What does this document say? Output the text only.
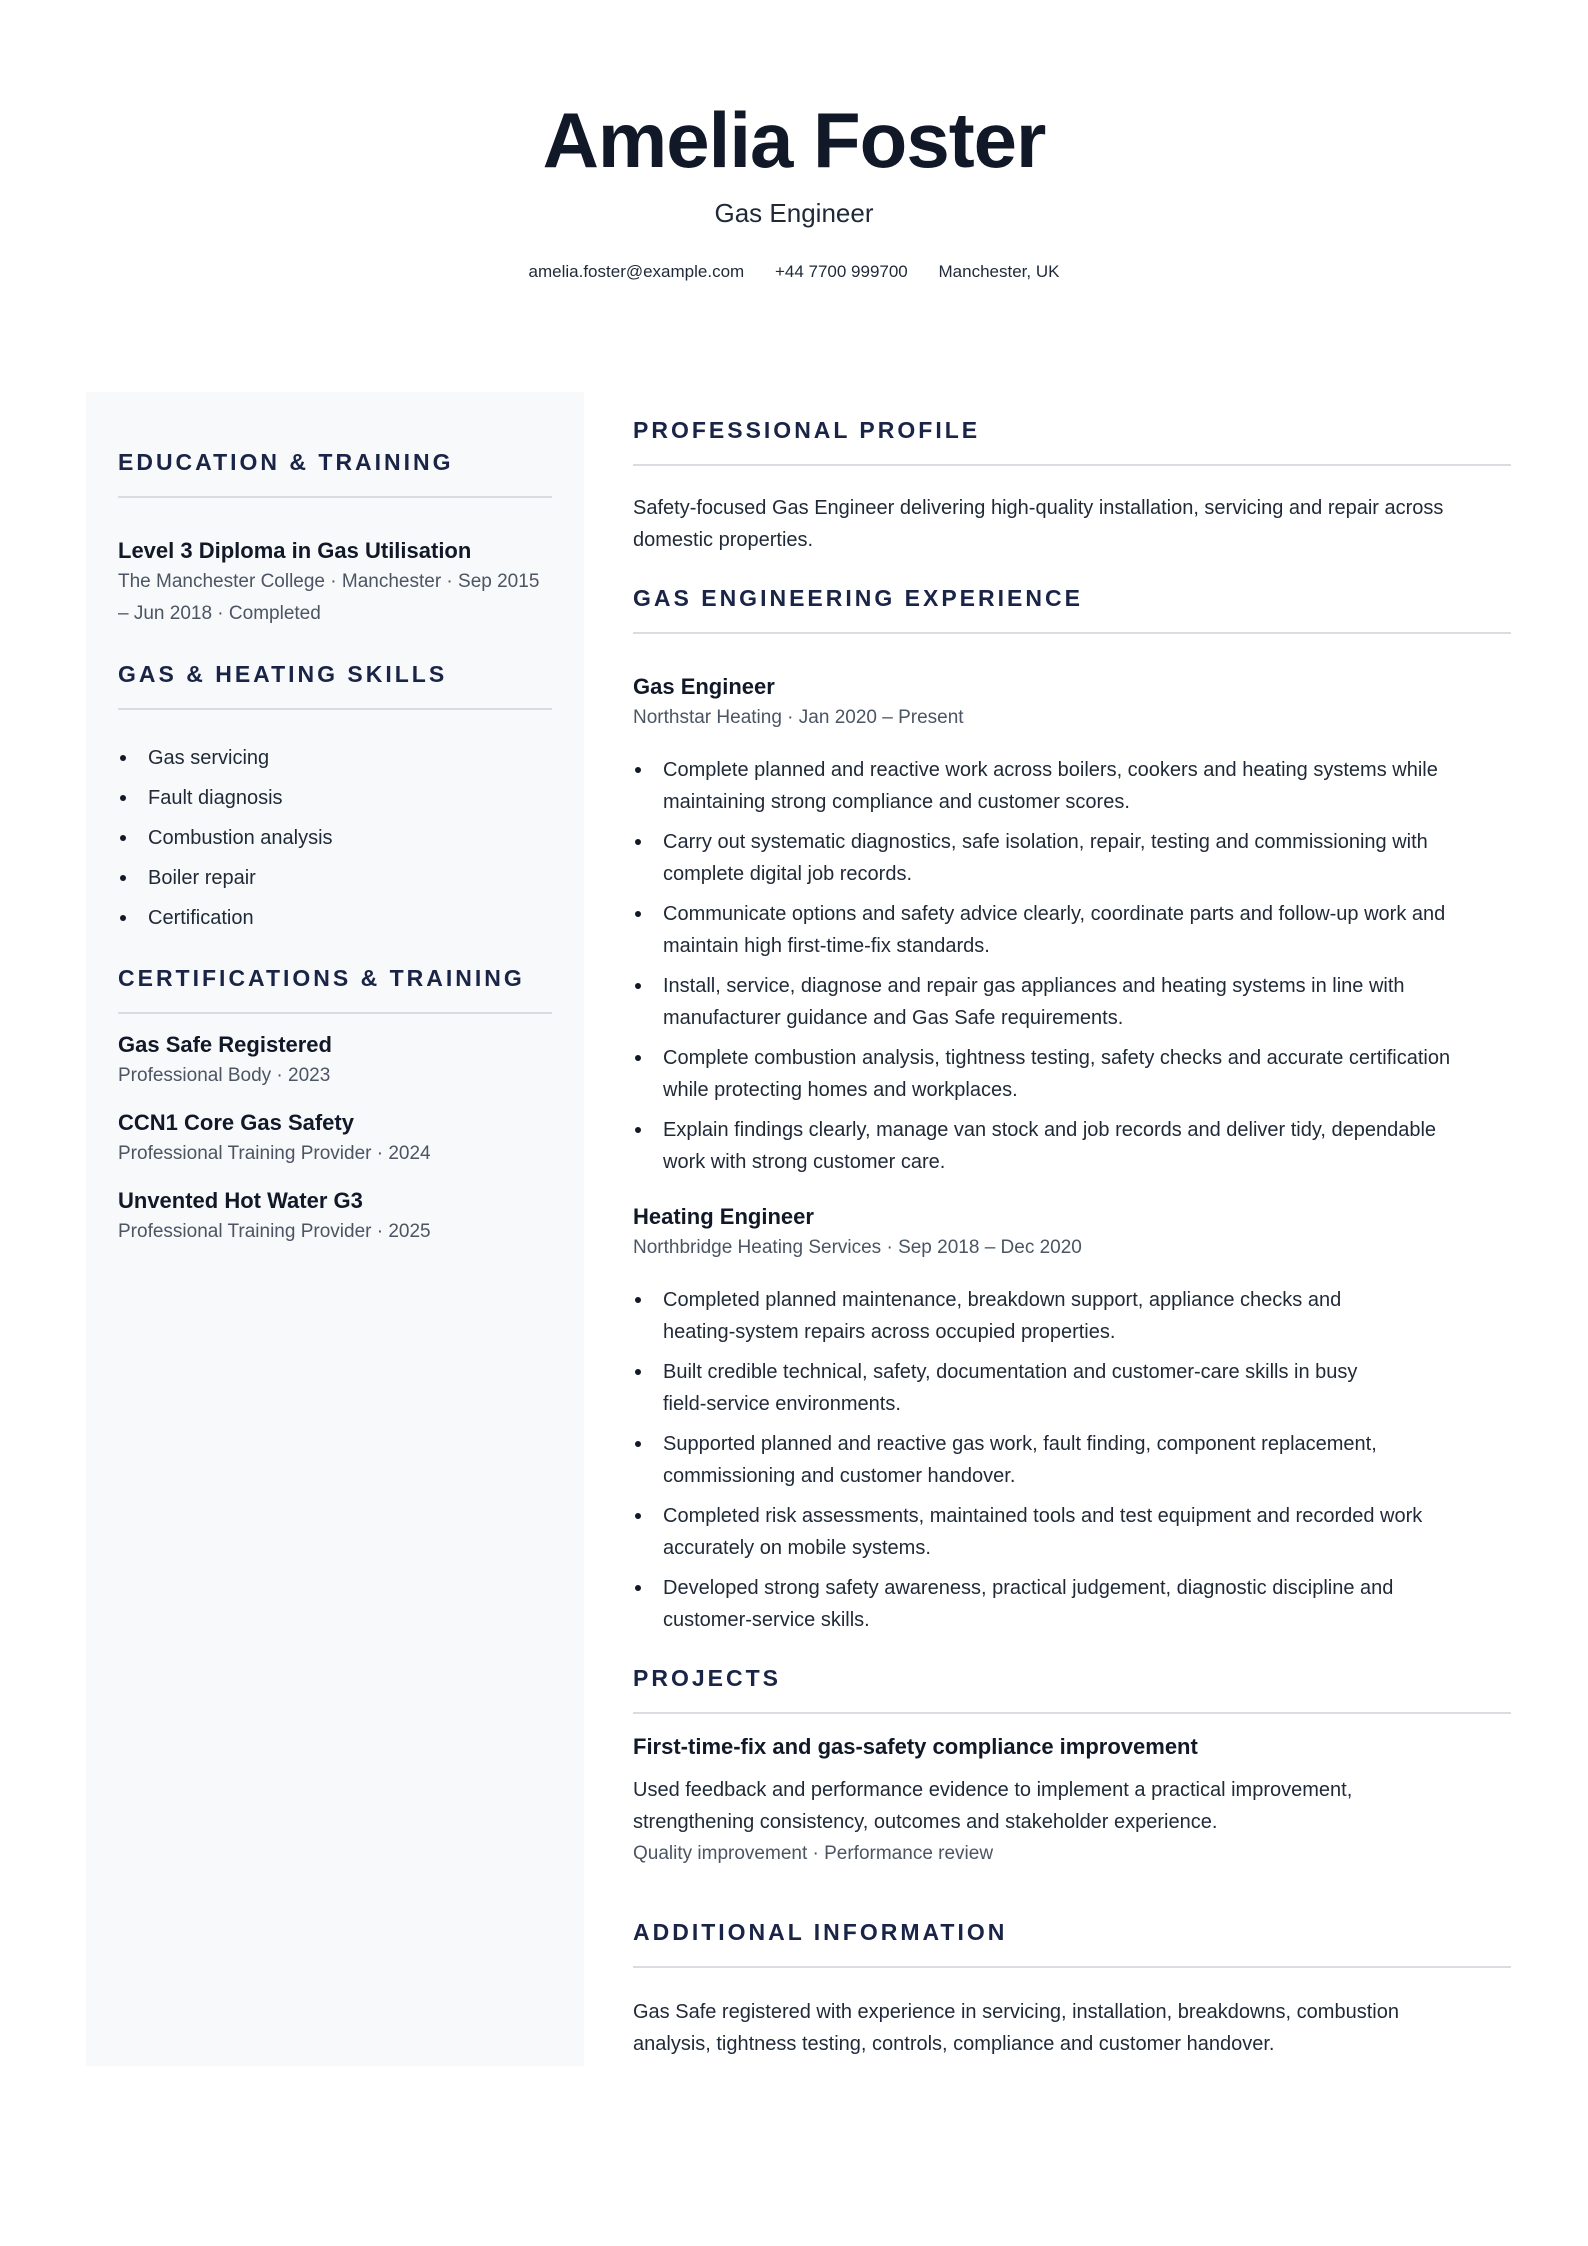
Amelia Foster
Gas Engineer
amelia.foster@example.com +44 7700 999700 Manchester, UK
EDUCATION & TRAINING
Level 3 Diploma in Gas Utilisation
The Manchester College · Manchester · Sep 2015
– Jun 2018 · Completed
GAS & HEATING SKILLS
Gas servicing
Fault diagnosis
Combustion analysis
Boiler repair
Certification
CERTIFICATIONS & TRAINING
Gas Safe Registered
Professional Body · 2023
CCN1 Core Gas Safety
Professional Training Provider · 2024
Unvented Hot Water G3
Professional Training Provider · 2025
PROFESSIONAL PROFILE
Safety-focused Gas Engineer delivering high-quality installation, servicing and repair across
domestic properties.
GAS ENGINEERING EXPERIENCE
Gas Engineer
Northstar Heating · Jan 2020 – Present
Complete planned and reactive work across boilers, cookers and heating systems while
maintaining strong compliance and customer scores.
Carry out systematic diagnostics, safe isolation, repair, testing and commissioning with
complete digital job records.
Communicate options and safety advice clearly, coordinate parts and follow-up work and
maintain high first-time-fix standards.
Install, service, diagnose and repair gas appliances and heating systems in line with
manufacturer guidance and Gas Safe requirements.
Complete combustion analysis, tightness testing, safety checks and accurate certification
while protecting homes and workplaces.
Explain findings clearly, manage van stock and job records and deliver tidy, dependable
work with strong customer care.
Heating Engineer
Northbridge Heating Services · Sep 2018 – Dec 2020
Completed planned maintenance, breakdown support, appliance checks and
heating-system repairs across occupied properties.
Built credible technical, safety, documentation and customer-care skills in busy
field-service environments.
Supported planned and reactive gas work, fault finding, component replacement,
commissioning and customer handover.
Completed risk assessments, maintained tools and test equipment and recorded work
accurately on mobile systems.
Developed strong safety awareness, practical judgement, diagnostic discipline and
customer-service skills.
PROJECTS
First-time-fix and gas-safety compliance improvement
Used feedback and performance evidence to implement a practical improvement,
strengthening consistency, outcomes and stakeholder experience.
Quality improvement · Performance review
ADDITIONAL INFORMATION
Gas Safe registered with experience in servicing, installation, breakdowns, combustion
analysis, tightness testing, controls, compliance and customer handover.
